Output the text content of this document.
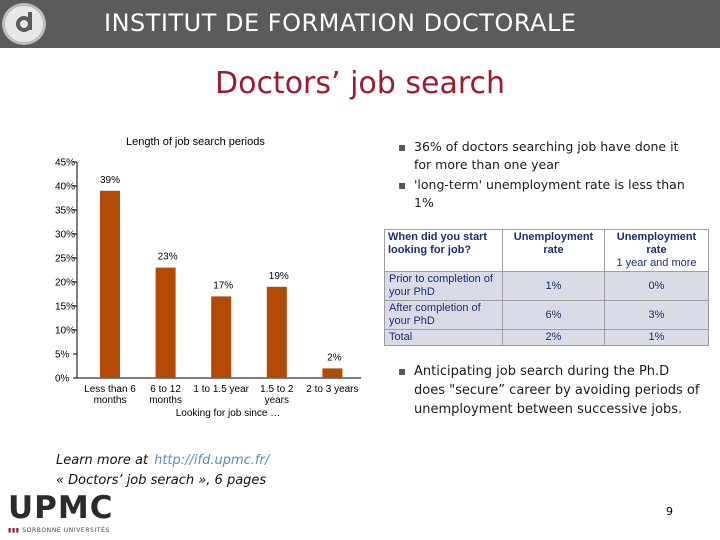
INSTITUT DE FORMATION DOCTORALE
Doctors’ job search
Length of job search periods
0%
5%
10%
15%
20%
25%
30%
35%
40%
45%
39%
Less than 6
months
23%
6 to 12
months
17%
1 to 1.5 year
19%
1.5 to 2
years
2%
2 to 3 years
Looking for job since …
▪ 36% of doctors searching job have done it for more than one year
▪ 'long-term' unemployment rate is less than 1%
When did you start looking for job?	Unemployment rate	Unemployment rate
1 year and more

Prior to completion of your PhD	1%	0%
After completion of your PhD	6%	3%
Total	2%	1%
▪ Anticipating job search during the Ph.D does "secure” career by avoiding periods of unemployment between successive jobs.
Learn more at http://ifd.upmc.fr/
« Doctors’ job serach », 6 pages
UPMC
▮▮▮ SORBONNE UNIVERSITÉS
9
